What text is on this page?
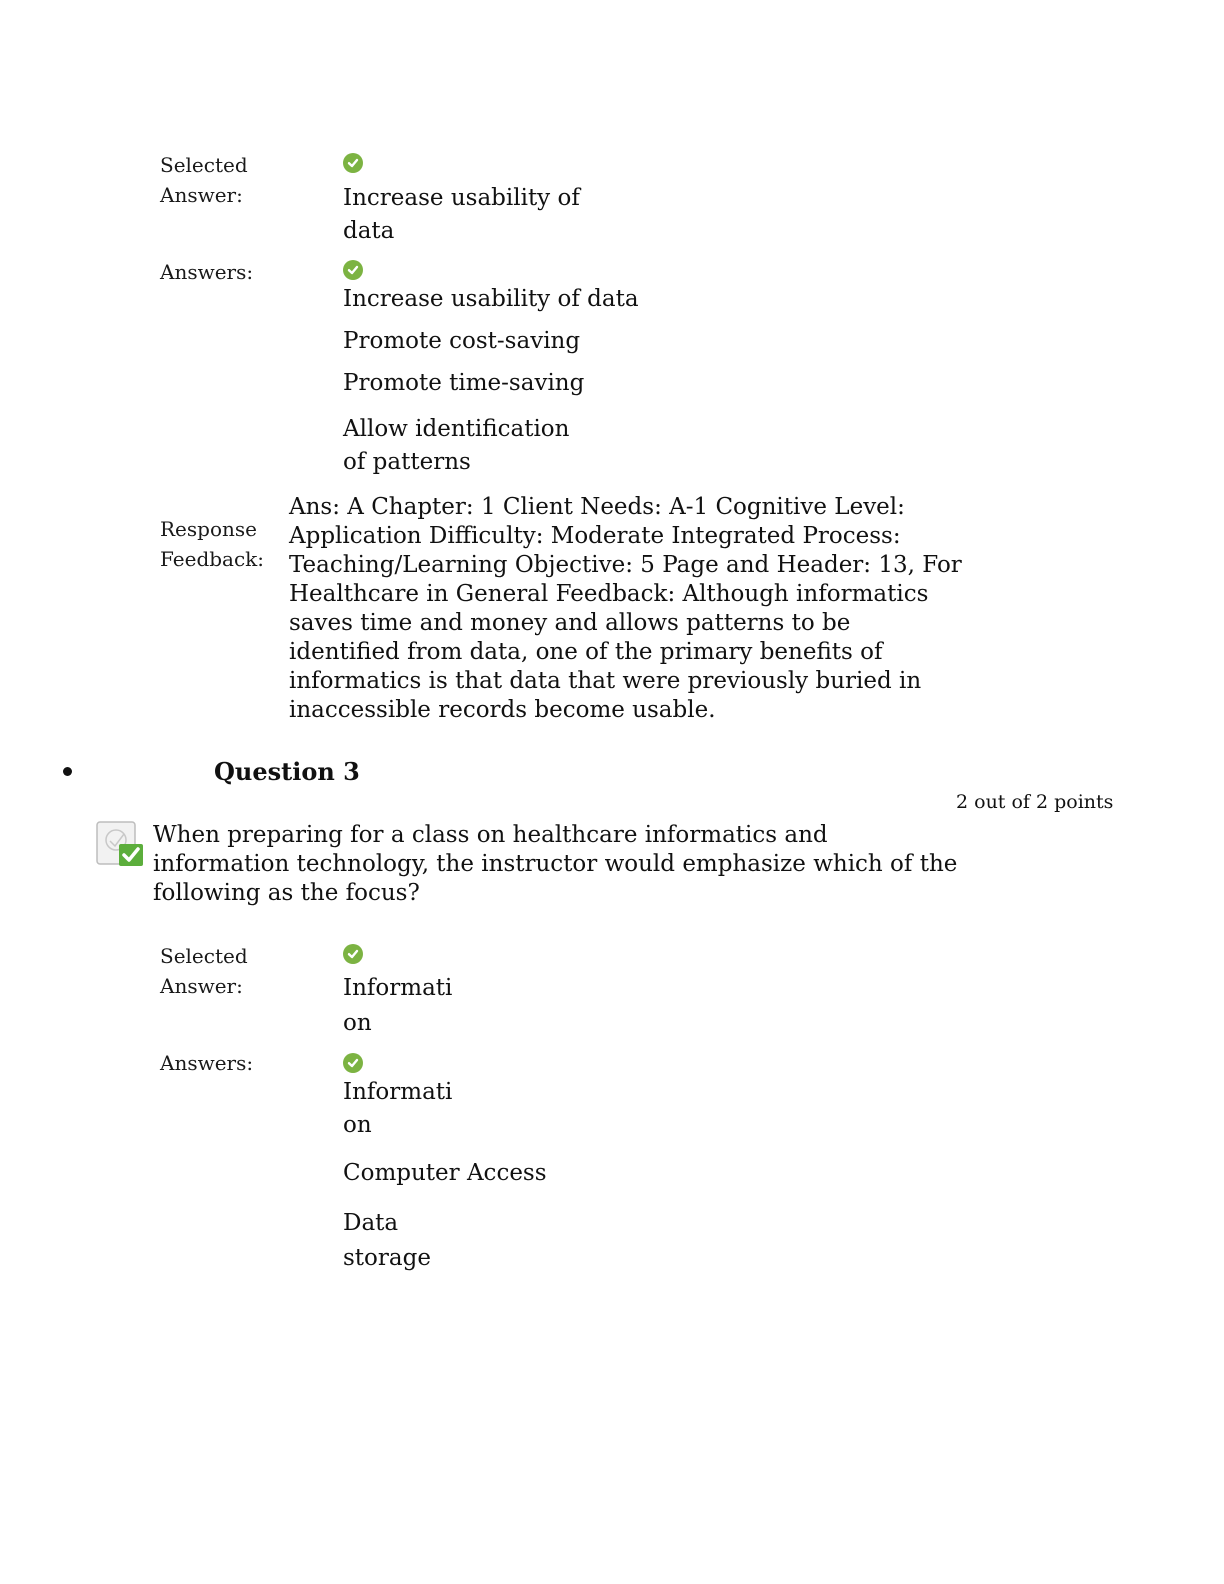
Selected Answer:	Increase usability of data
Answers:
Increase usability of data
Promote cost-saving
Promote time-saving
Allow identification of patterns
Response Feedback:
Ans: A Chapter: 1 Client Needs: A-1 Cognitive Level: Application Difficulty: Moderate Integrated Process: Teaching/Learning Objective: 5 Page and Header: 13, For Healthcare in General Feedback: Although informatics saves time and money and allows patterns to be identified from data, one of the primary benefits of informatics is that data that were previously buried in inaccessible records become usable.
Question 3
2 out of 2 points
When preparing for a class on healthcare informatics and information technology, the instructor would emphasize which of the following as the focus?
Selected Answer:	Information
Answers:
Information
Computer Access
Data storage
